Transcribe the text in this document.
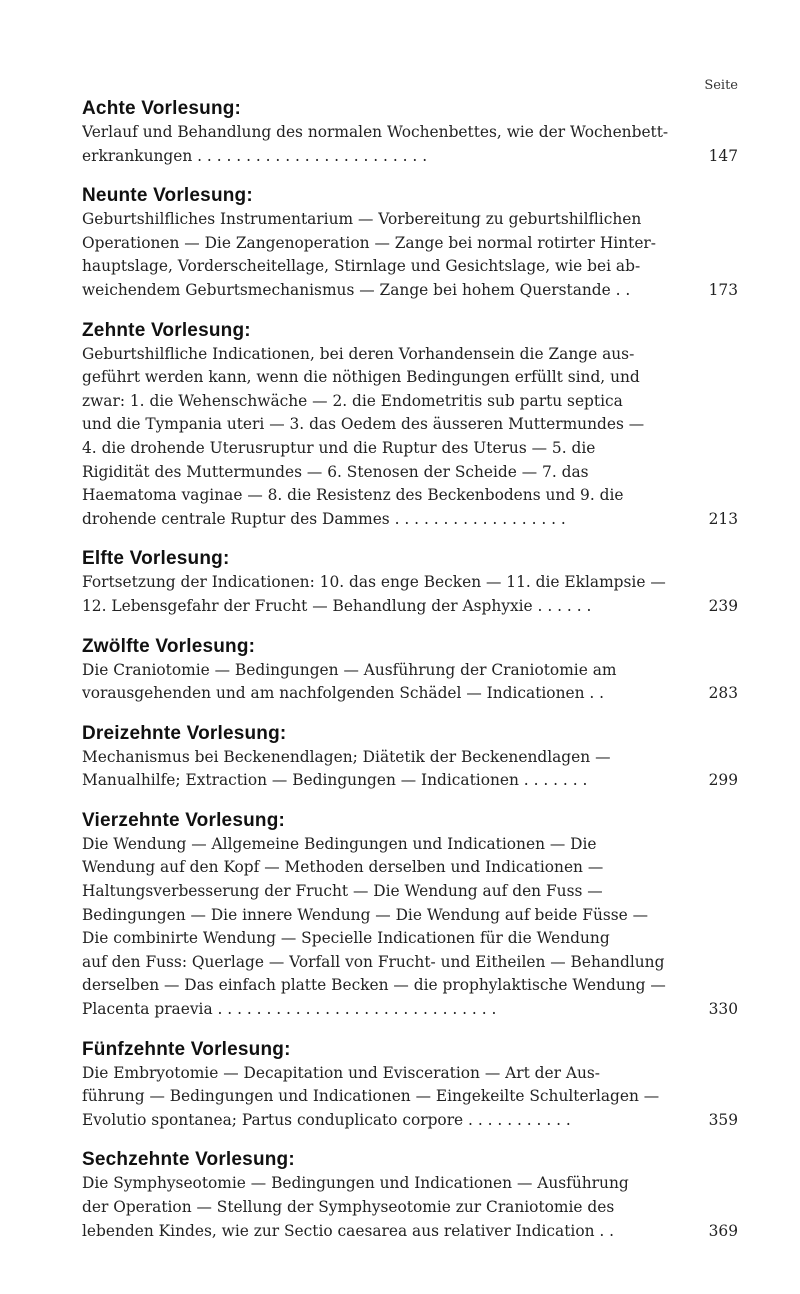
Seite
Achte Vorlesung:
Verlauf und Behandlung des normalen Wochenbettes, wie der Wochenbett-
erkrankungen . . . . . . . . . . . . . . . . . . . . . . . .	147
Neunte Vorlesung:
Geburtshilfliches Instrumentarium — Vorbereitung zu geburtshilflichen
Operationen — Die Zangenoperation — Zange bei normal rotirter Hinter-
hauptslage, Vorderscheitellage, Stirnlage und Gesichtslage, wie bei ab-
weichendem Geburtsmechanismus — Zange bei hohem Querstande . .	173
Zehnte Vorlesung:
Geburtshilfliche Indicationen, bei deren Vorhandensein die Zange aus-
geführt werden kann, wenn die nöthigen Bedingungen erfüllt sind, und
zwar: 1. die Wehenschwäche — 2. die Endometritis sub partu septica
und die Tympania uteri — 3. das Oedem des äusseren Muttermundes —
4. die drohende Uterusruptur und die Ruptur des Uterus — 5. die
Rigidität des Muttermundes — 6. Stenosen der Scheide — 7. das
Haematoma vaginae — 8. die Resistenz des Beckenbodens und 9. die
drohende centrale Ruptur des Dammes . . . . . . . . . . . . . . . . . .	213
Elfte Vorlesung:
Fortsetzung der Indicationen: 10. das enge Becken — 11. die Eklampsie —
12. Lebensgefahr der Frucht — Behandlung der Asphyxie . . . . . .	239
Zwölfte Vorlesung:
Die Craniotomie — Bedingungen — Ausführung der Craniotomie am
vorausgehenden und am nachfolgenden Schädel — Indicationen . .	283
Dreizehnte Vorlesung:
Mechanismus bei Beckenendlagen; Diätetik der Beckenendlagen —
Manualhilfe; Extraction — Bedingungen — Indicationen . . . . . . .	299
Vierzehnte Vorlesung:
Die Wendung — Allgemeine Bedingungen und Indicationen — Die
Wendung auf den Kopf — Methoden derselben und Indicationen —
Haltungsverbesserung der Frucht — Die Wendung auf den Fuss —
Bedingungen — Die innere Wendung — Die Wendung auf beide Füsse —
Die combinirte Wendung — Specielle Indicationen für die Wendung
auf den Fuss: Querlage — Vorfall von Frucht- und Eitheilen — Behandlung
derselben — Das einfach platte Becken — die prophylaktische Wendung —
Placenta praevia . . . . . . . . . . . . . . . . . . . . . . . . . . . . .	330
Fünfzehnte Vorlesung:
Die Embryotomie — Decapitation und Evisceration — Art der Aus-
führung — Bedingungen und Indicationen — Eingekeilte Schulterlagen —
Evolutio spontanea; Partus conduplicato corpore . . . . . . . . . . .	359
Sechzehnte Vorlesung:
Die Symphyseotomie — Bedingungen und Indicationen — Ausführung
der Operation — Stellung der Symphyseotomie zur Craniotomie des
lebenden Kindes, wie zur Sectio caesarea aus relativer Indication . .	369
